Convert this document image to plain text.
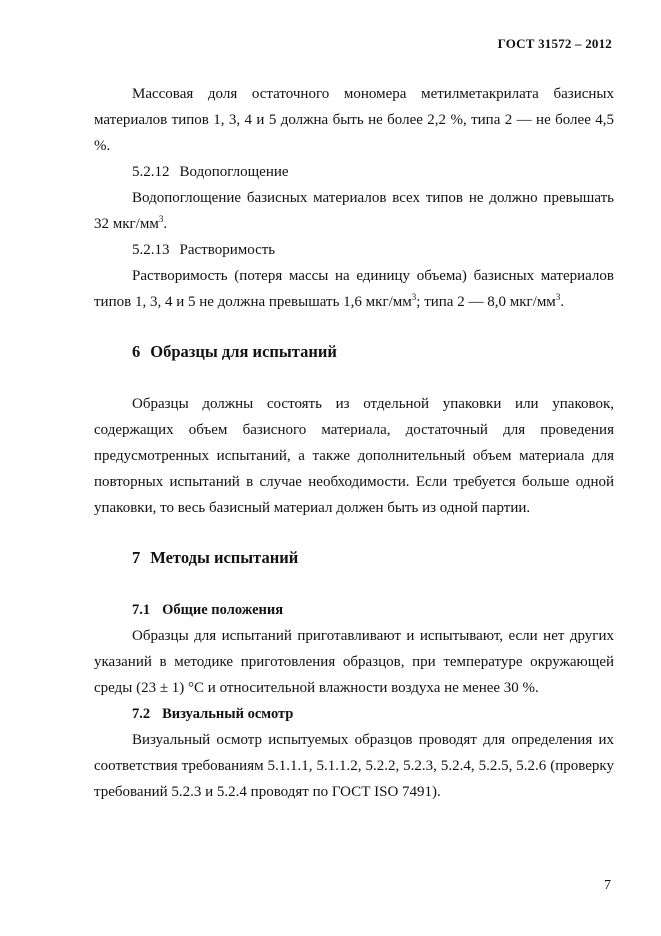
ГОСТ 31572 – 2012

Массовая доля остаточного мономера метилметакрилата базисных материалов типов 1, 3, 4 и 5 должна быть не более 2,2 %, типа 2 — не более 4,5 %.

5.2.12 Водопоглощение

Водопоглощение базисных материалов всех типов не должно превышать 32 мкг/$мм^3$.

5.2.13 Растворимость

Растворимость (потеря массы на единицу объема) базисных материалов типов 1, 3, 4 и 5 не должна превышать 1,6 мкг/$мм^3$; типа 2 — 8,0 мкг/$мм^3$.

6 Образцы для испытаний

Образцы должны состоять из отдельной упаковки или упаковок, содержащих объем базисного материала, достаточный для проведения предусмотренных испытаний, а также дополнительный объем материала для повторных испытаний в случае необходимости. Если требуется больше одной упаковки, то весь базисный материал должен быть из одной партии.

7 Методы испытаний
7.1 Общие положения

Образцы для испытаний приготавливают и испытывают, если нет других указаний в методике приготовления образцов, при температуре окружающей среды (23 ± 1) °С и относительной влажности воздуха не менее 30 %.

7.2 Визуальный осмотр

Визуальный осмотр испытуемых образцов проводят для определения их соответствия требованиям 5.1.1.1, 5.1.1.2, 5.2.2, 5.2.3, 5.2.4, 5.2.5, 5.2.6 (проверку требований 5.2.3 и 5.2.4 проводят по ГОСТ ISO 7491).

7
